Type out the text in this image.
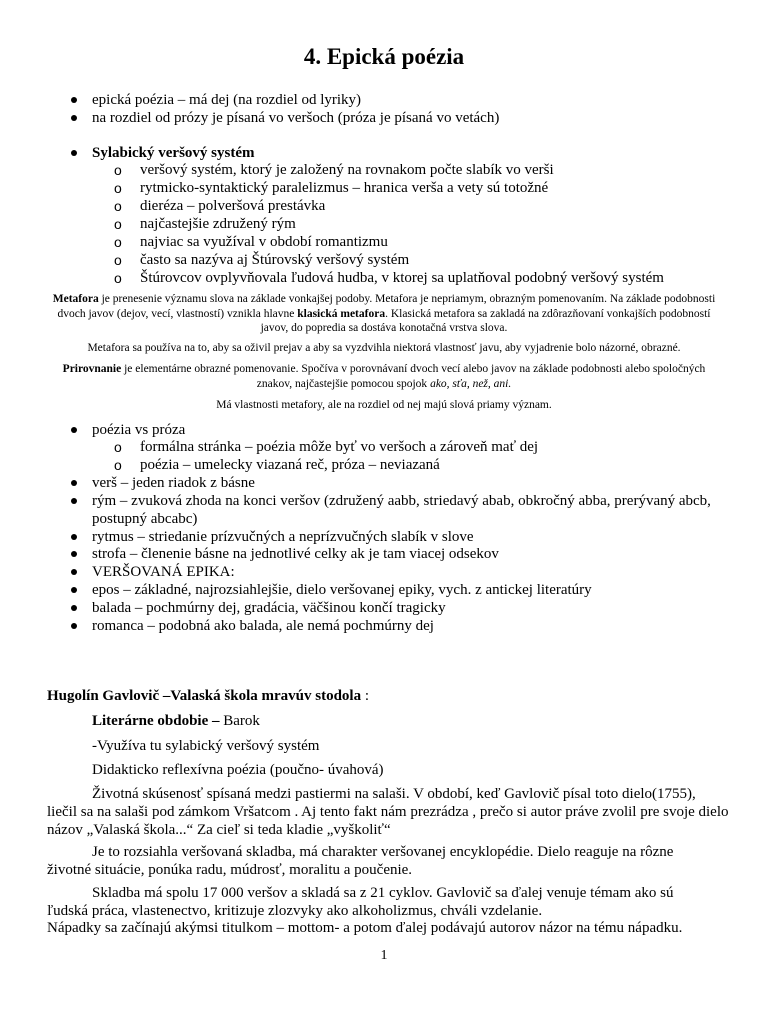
4. Epická poézia
epická poézia – má dej (na rozdiel od lyriky)
na rozdiel od prózy je písaná vo veršoch (próza je písaná vo vetách)
Sylabický veršový systém
o veršový systém, ktorý je založený na rovnakom počte slabík vo verši
o rytmicko-syntaktický paralelizmus – hranica verša a vety sú totožné
o dieréza – polveršová prestávka
o najčastejšie združený rým
o najviac sa využíval v období romantizmu
o často sa nazýva aj Štúrovský veršový systém
o Štúrovcov ovplyvňovala ľudová hudba, v ktorej sa uplatňoval podobný veršový systém

Metafora je prenesenie významu slova na základe vonkajšej podoby. Metafora je nepriamym, obrazným pomenovaním. Na základe podobnosti dvoch javov (dejov, vecí, vlastností) vznikla hlavne klasická metafora. Klasická metafora sa zakladá na zdôrazňovaní vonkajších podobností javov, do popredia sa dostáva konotačná vrstva slova.

Metafora sa používa na to, aby sa oživil prejav a aby sa vyzdvihla niektorá vlastnosť javu, aby vyjadrenie bolo názorné, obrazné.

Prirovnanie je elementárne obrazné pomenovanie. Spočíva v porovnávaní dvoch vecí alebo javov na základe podobnosti alebo spoločných znakov, najčastejšie pomocou spojok ako, sťa, než, ani.

Má vlastnosti metafory, ale na rozdiel od nej majú slová priamy význam.

poézia vs próza
o formálna stránka – poézia môže byť vo veršoch a zároveň mať dej
o poézia – umelecky viazaná reč, próza – neviazaná
verš – jeden riadok z básne
rým – zvuková zhoda na konci veršov (združený aabb, striedavý abab, obkročný abba, prerývaný abcb, postupný abcabc)
rytmus – striedanie prízvučných a neprízvučných slabík v slove
strofa – členenie básne na jednotlivé celky ak je tam viacej odsekov
VERŠOVANÁ EPIKA:
epos – základné, najrozsiahlejšie, dielo veršovanej epiky, vych. z antickej literatúry
balada – pochmúrny dej, gradácia, väčšinou končí tragicky
romanca – podobná ako balada, ale nemá pochmúrny dej

Hugolín Gavlovič –Valaská škola mravúv stodola :

Literárne obdobie – Barok

-Využíva tu sylabický veršový systém

Didakticko reflexívna poézia (poučno- úvahová)

Životná skúsenosť spísaná medzi pastiermi na salaši. V období, keď Gavlovič písal toto dielo(1755),

liečil sa na salaši pod zámkom Vršatcom . Aj tento fakt nám prezrádza , prečo si autor práve zvolil pre svoje dielo názov „Valaská škola...“ Za cieľ si teda kladie „vyškoliť“

Je to rozsiahla veršovaná skladba, má charakter veršovanej encyklopédie. Dielo reaguje na rôzne

životné situácie, ponúka radu, múdrosť, moralitu a poučenie.

Skladba má spolu 17 000 veršov a skladá sa z 21 cyklov. Gavlovič sa ďalej venuje témam ako sú

ľudská práca, vlastenectvo, kritizuje zlozvyky ako alkoholizmus, chváli vzdelanie.

Nápadky sa začínajú akýmsi titulkom – mottom- a potom ďalej podávajú autorov názor na tému nápadku.

1
